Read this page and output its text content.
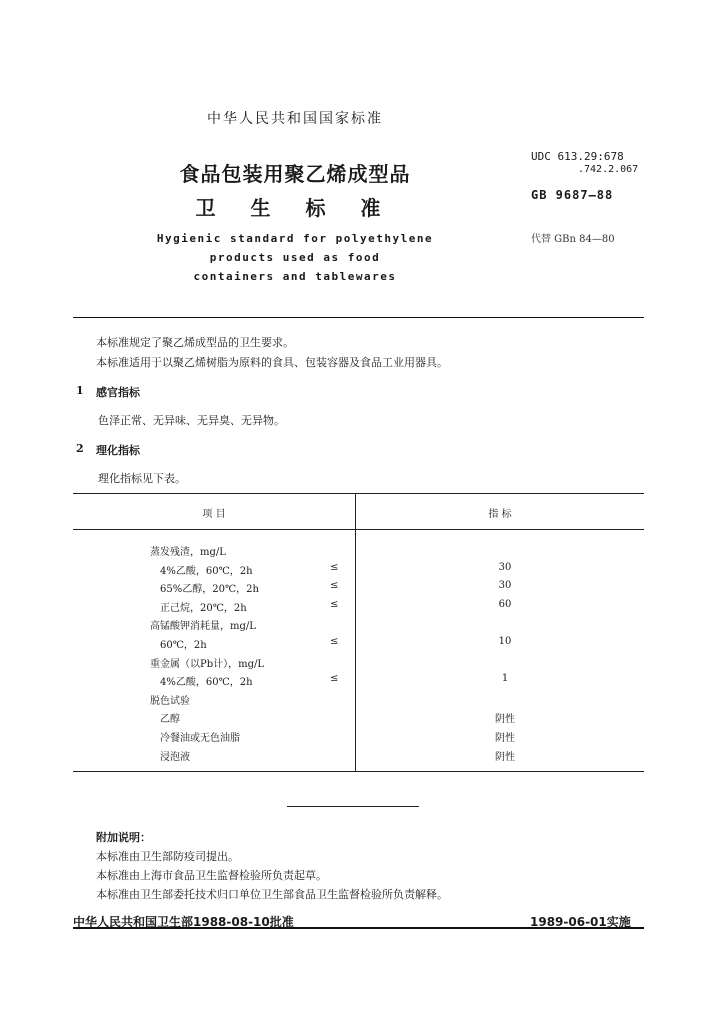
中华人民共和国国家标准
食品包装用聚乙烯成型品
卫 生 标 准
Hygienic standard for polyethylene
products used as food
containers and tablewares
UDC 613.29:678
.742.2.067
GB 9687—88
代替 GBn 84—80
本标准规定了聚乙烯成型品的卫生要求。
本标准适用于以聚乙烯树脂为原料的食具、包装容器及食品工业用器具。
1 感官指标
色泽正常、无异味、无异臭、无异物。
2 理化指标
理化指标见下表。
项 目	指 标
蒸发残渣，mg/L
4%乙酸，60℃，2h	≤	30
65%乙醇，20℃，2h	≤	30
正己烷，20℃，2h	≤	60
高锰酸钾消耗量，mg/L
60℃，2h	≤	10
重金属（以Pb计），mg/L
4%乙酸，60℃，2h	≤	1
脱色试验
乙醇	阴性
冷餐油或无色油脂	阴性
浸泡液	阴性
附加说明：
本标准由卫生部防疫司提出。
本标准由上海市食品卫生监督检验所负责起草。
本标准由卫生部委托技术归口单位卫生部食品卫生监督检验所负责解释。
中华人民共和国卫生部1988-08-10批准	1989-06-01实施
